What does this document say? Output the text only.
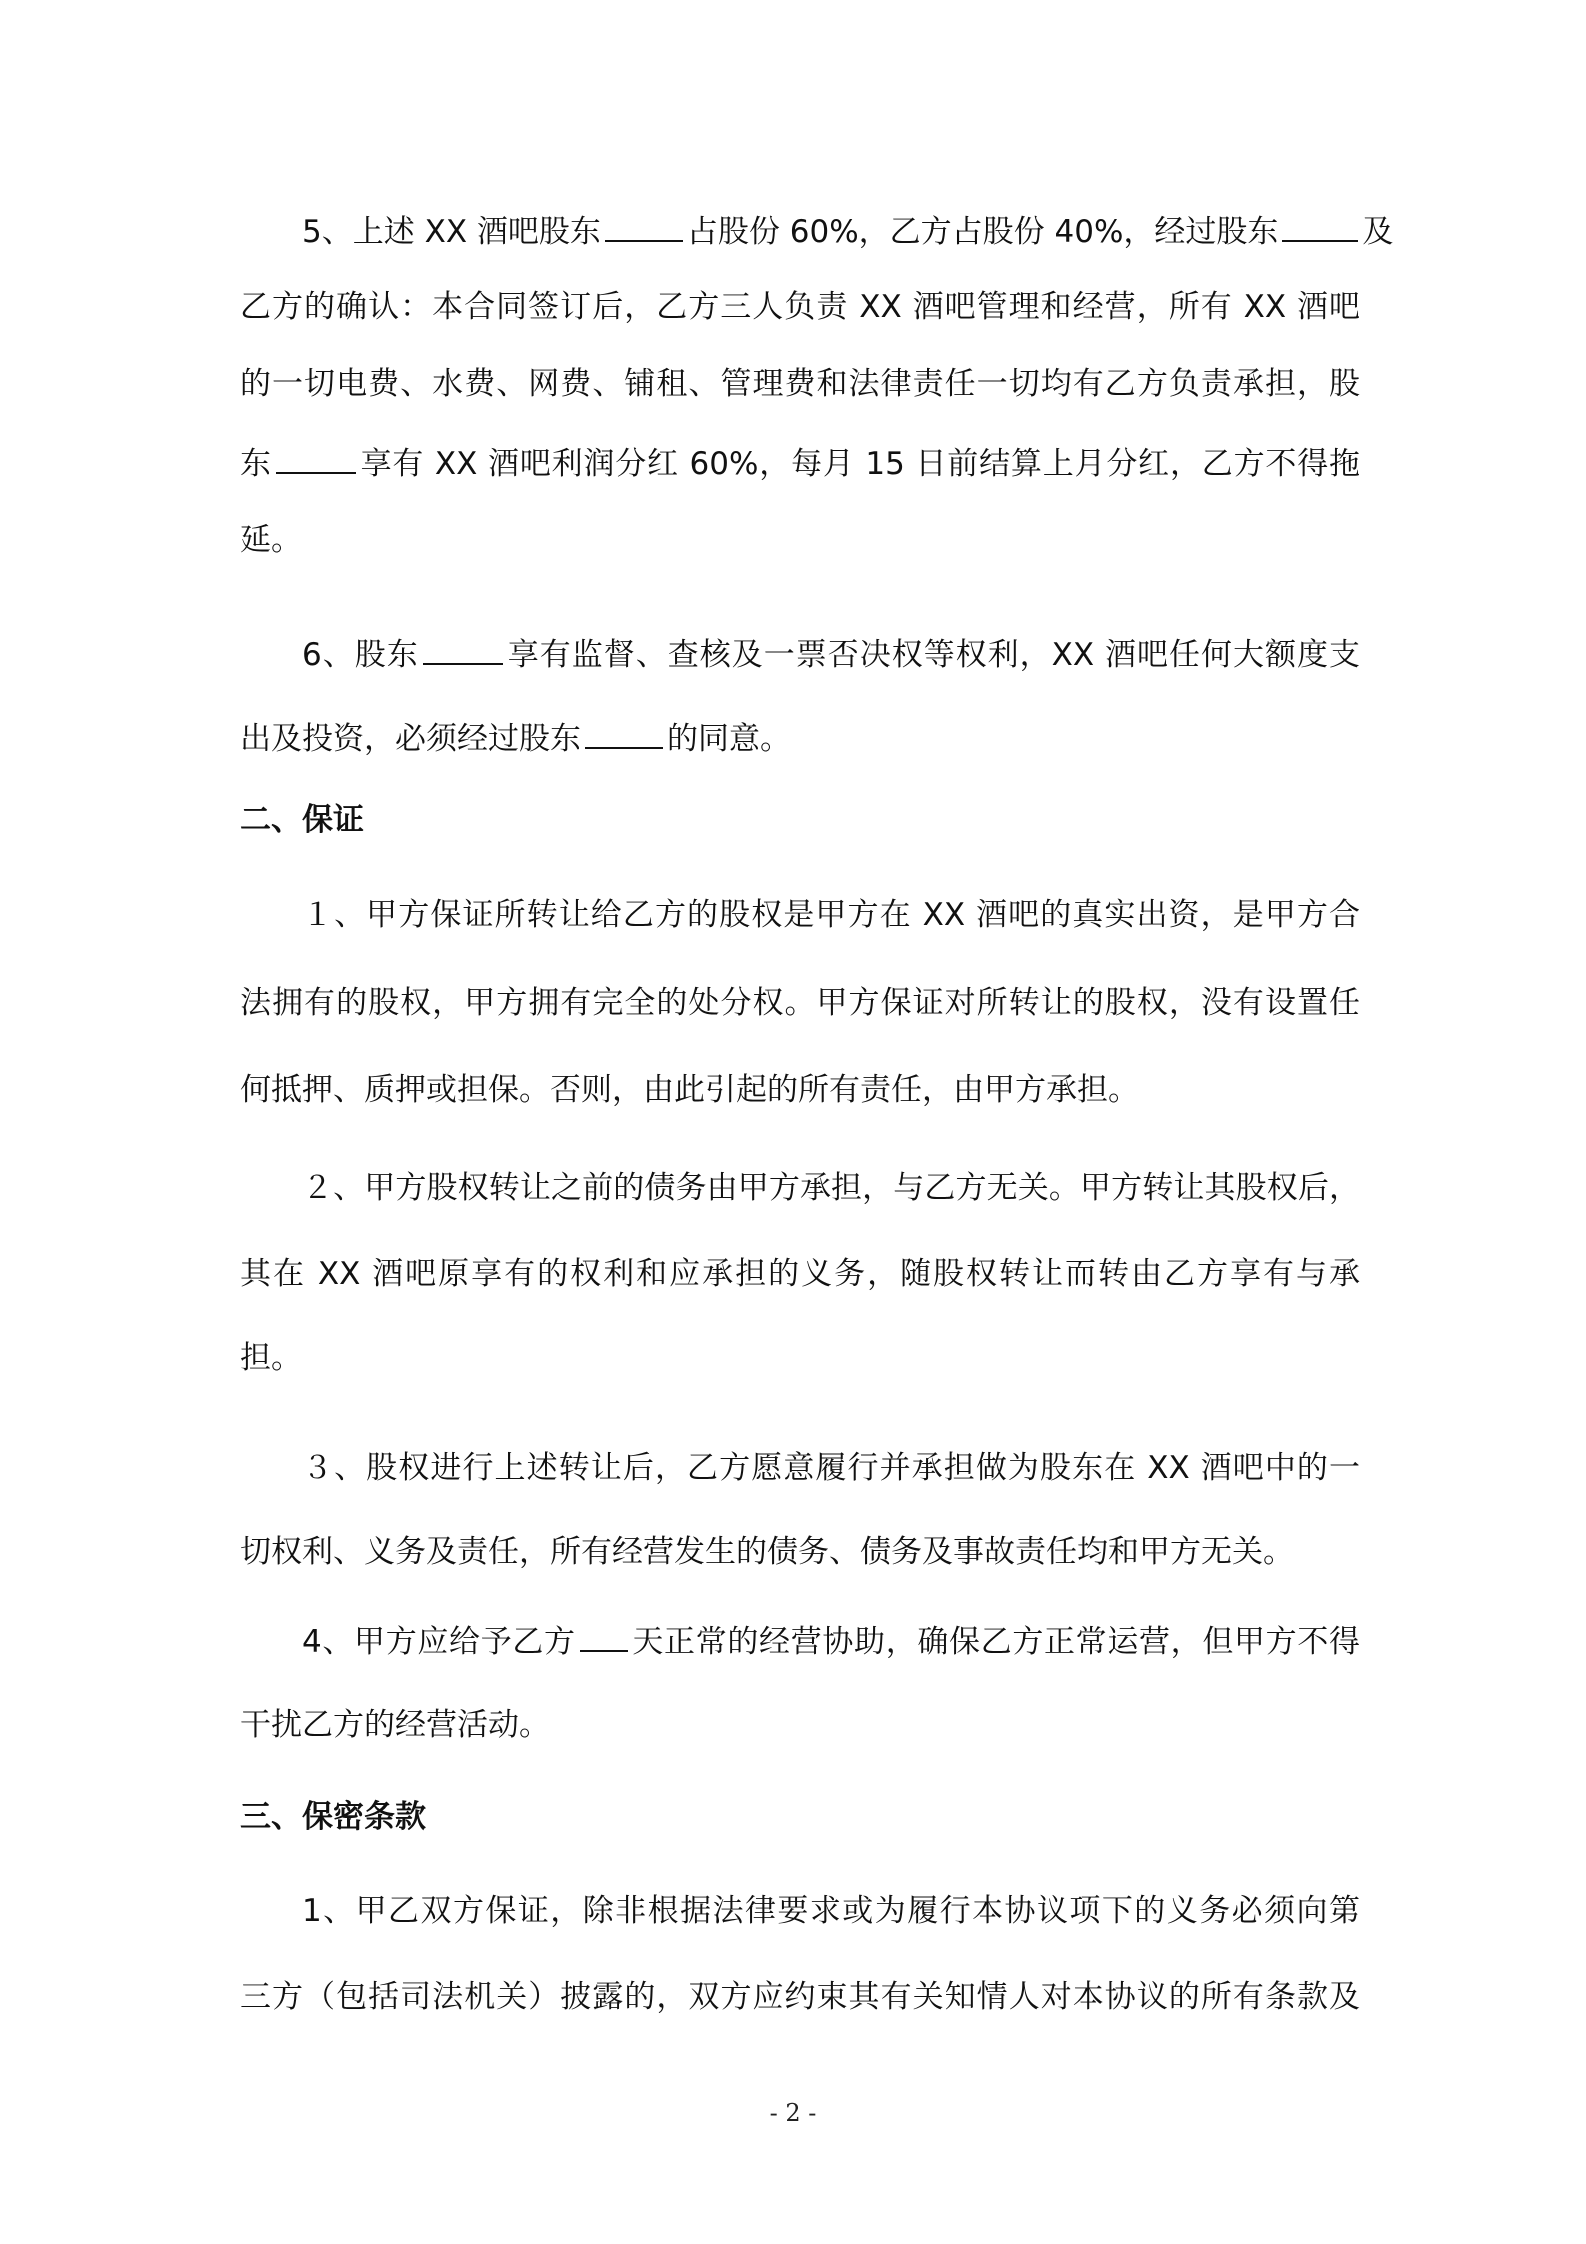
5、上述 XX 酒吧股东	占股份 60%，乙方占股份 40%，经过股东	及
乙方的确认：本合同签订后，乙方三人负责 XX 酒吧管理和经营，所有 XX 酒吧
的一切电费、水费、网费、铺租、管理费和法律责任一切均有乙方负责承担，股
东	享有 XX 酒吧利润分红 60%，每月 15 日前结算上月分红，乙方不得拖
延。
6、股东	享有监督、查核及一票否决权等权利，XX 酒吧任何大额度支
出及投资，必须经过股东	的同意。
二、保证
１、甲方保证所转让给乙方的股权是甲方在 XX 酒吧的真实出资，是甲方合
法拥有的股权，甲方拥有完全的处分权。甲方保证对所转让的股权，没有设置任
何抵押、质押或担保。否则，由此引起的所有责任，由甲方承担。
２、甲方股权转让之前的债务由甲方承担，与乙方无关。甲方转让其股权后，
其在 XX 酒吧原享有的权利和应承担的义务，随股权转让而转由乙方享有与承
担。
３、股权进行上述转让后，乙方愿意履行并承担做为股东在 XX 酒吧中的一
切权利、义务及责任，所有经营发生的债务、债务及事故责任均和甲方无关。
4、甲方应给予乙方 天正常的经营协助，确保乙方正常运营，但甲方不得
干扰乙方的经营活动。
三、保密条款
1、甲乙双方保证，除非根据法律要求或为履行本协议项下的义务必须向第
三方（包括司法机关）披露的，双方应约束其有关知情人对本协议的所有条款及
- 2 -
